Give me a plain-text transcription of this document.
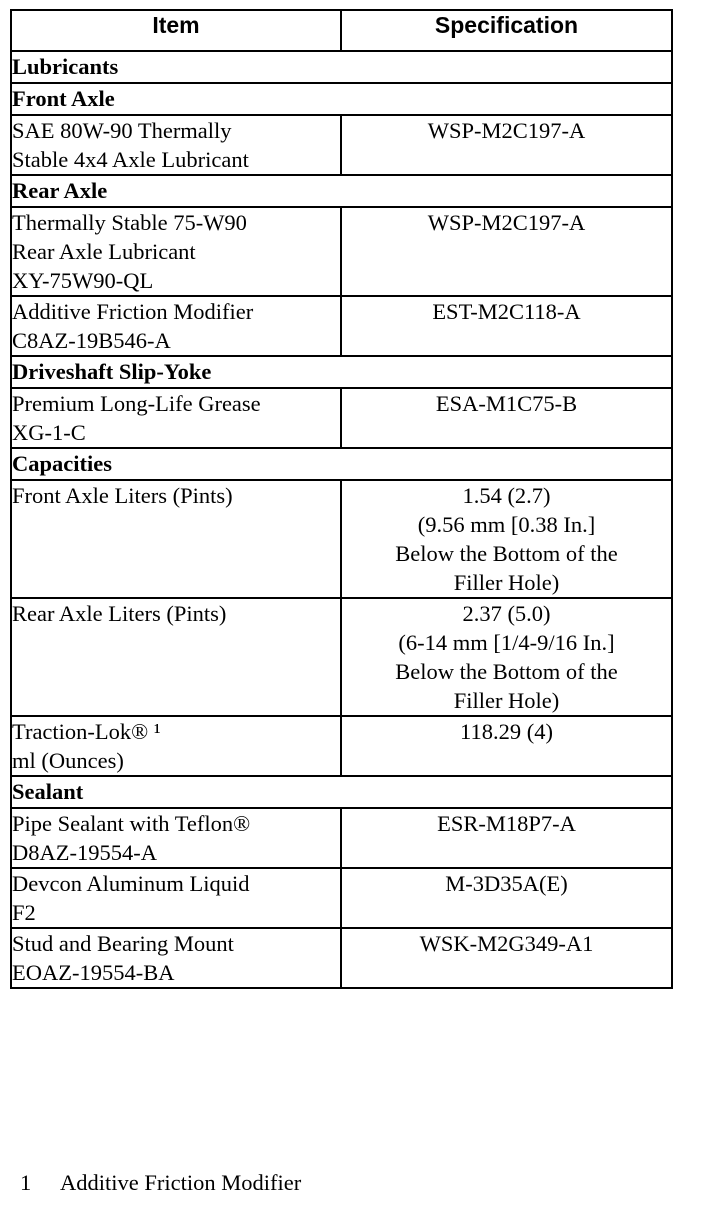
Item	Specification
Lubricants	
Front Axle	
SAE 80W-90 Thermally
Stable 4x4 Axle Lubricant	WSP-M2C197-A
Rear Axle	
Thermally Stable 75-W90
Rear Axle Lubricant
XY-75W90-QL	WSP-M2C197-A
Additive Friction Modifier
C8AZ-19B546-A	EST-M2C118-A
Driveshaft Slip-Yoke	
Premium Long-Life Grease
XG-1-C	ESA-M1C75-B
Capacities	
Front Axle Liters (Pints)	1.54 (2.7)
(9.56 mm [0.38 In.]
Below the Bottom of the
Filler Hole)
Rear Axle Liters (Pints)	2.37 (5.0)
(6-14 mm [1/4-9/16 In.]
Below the Bottom of the
Filler Hole)
Traction-Lok® ¹
ml (Ounces)	118.29 (4)
Sealant	
Pipe Sealant with Teflon®
D8AZ-19554-A	ESR-M18P7-A
Devcon Aluminum Liquid
F2	M-3D35A(E)
Stud and Bearing Mount
EOAZ-19554-BA	WSK-M2G349-A1
1 Additive Friction Modifier
